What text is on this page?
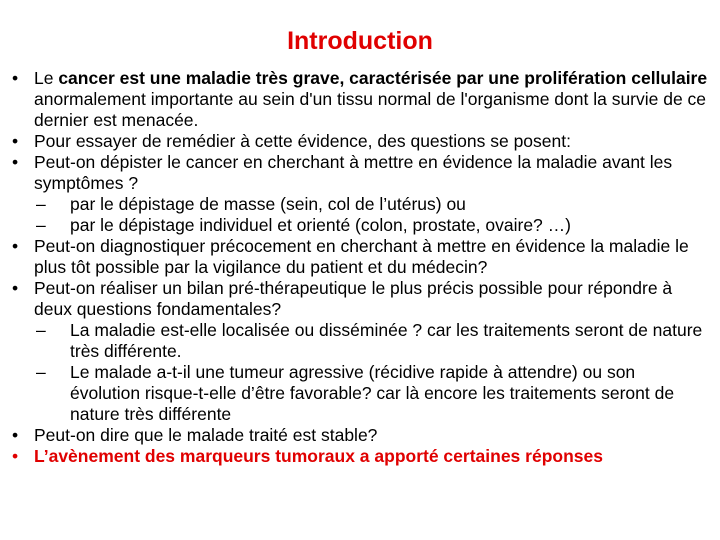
Introduction
• Le cancer est une maladie très grave, caractérisée par une prolifération cellulaire anormalement importante au sein d'un tissu normal de l'organisme dont la survie de ce dernier est menacée.
• Pour essayer de remédier à cette évidence, des questions se posent:
• Peut-on dépister le cancer en cherchant à mettre en évidence la maladie avant les symptômes ?
– par le dépistage de masse (sein, col de l’utérus) ou
– par le dépistage individuel et orienté (colon, prostate, ovaire? …)
• Peut-on diagnostiquer précocement en cherchant à mettre en évidence la maladie le plus tôt possible par la vigilance du patient et du médecin?
• Peut-on réaliser un bilan pré-thérapeutique le plus précis possible pour répondre à deux questions fondamentales?
– La maladie est-elle localisée ou disséminée ? car les traitements seront de nature très différente.
– Le malade a-t-il une tumeur agressive (récidive rapide à attendre) ou son évolution risque-t-elle d’être favorable? car là encore les traitements seront de nature très différente
• Peut-on dire que le malade traité est stable?
• L’avènement des marqueurs tumoraux a apporté certaines réponses
